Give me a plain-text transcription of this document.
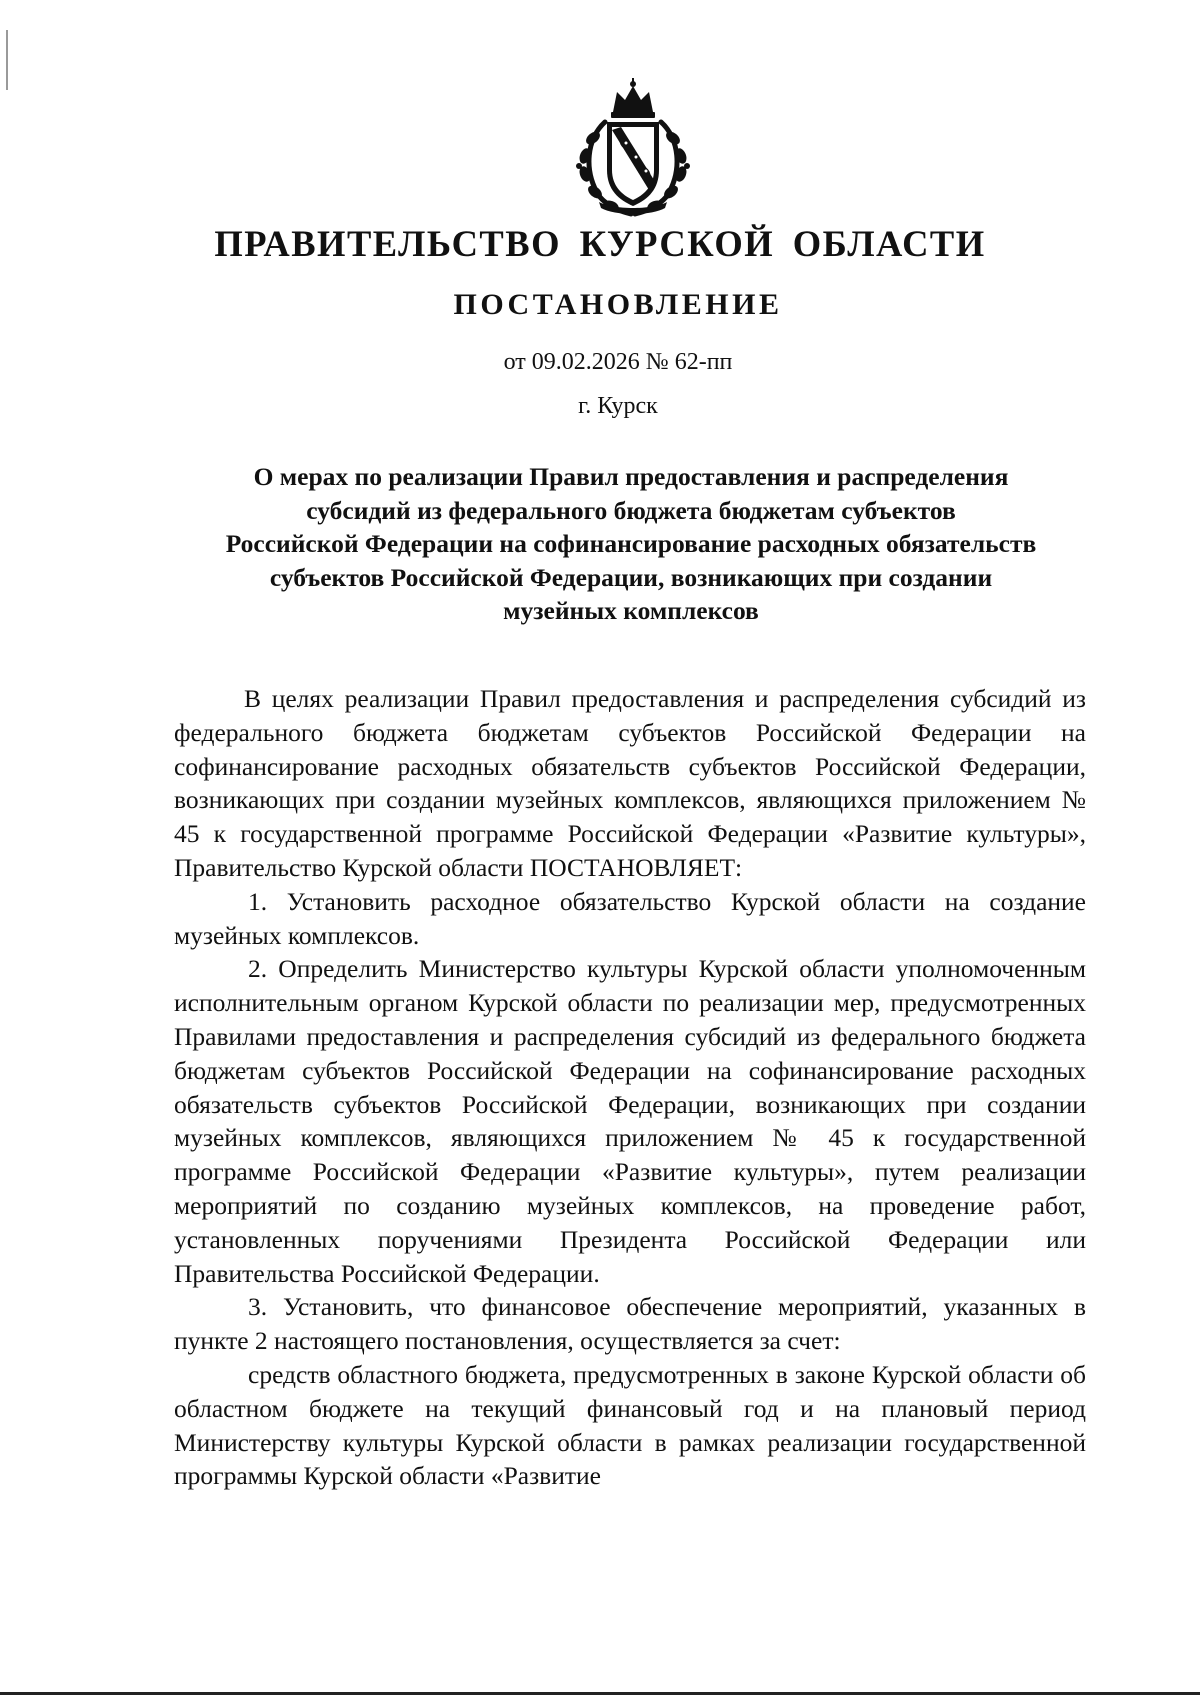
ПРАВИТЕЛЬСТВО КУРСКОЙ ОБЛАСТИ
ПОСТАНОВЛЕНИЕ
от 09.02.2026 № 62-пп
г. Курск
О мерах по реализации Правил предоставления и распределения
субсидий из федерального бюджета бюджетам субъектов
Российской Федерации на софинансирование расходных обязательств
субъектов Российской Федерации, возникающих при создании
музейных комплексов

В целях реализации Правил предоставления и распределения субсидий из федерального бюджета бюджетам субъектов Российской Федерации на софинансирование расходных обязательств субъектов Российской Федерации, возникающих при создании музейных комплексов, являющихся приложением № 45 к государственной программе Российской Федерации «Развитие культуры», Правительство Курской области ПОСТАНОВЛЯЕТ:

1. Установить расходное обязательство Курской области на создание музейных комплексов.

2. Определить Министерство культуры Курской области уполномоченным исполнительным органом Курской области по реализации мер, предусмотренных Правилами предоставления и распределения субсидий из федерального бюджета бюджетам субъектов Российской Федерации на софинансирование расходных обязательств субъектов Российской Федерации, возникающих при создании музейных комплексов, являющихся приложением № 45 к государственной программе Российской Федерации «Развитие культуры», путем реализации мероприятий по созданию музейных комплексов, на проведение работ, установленных поручениями Президента Российской Федерации или Правительства Российской Федерации.

3. Установить, что финансовое обеспечение мероприятий, указанных в пункте 2 настоящего постановления, осуществляется за счет:

средств областного бюджета, предусмотренных в законе Курской области об областном бюджете на текущий финансовый год и на плановый период Министерству культуры Курской области в рамках реализации государственной программы Курской области «Развитие
